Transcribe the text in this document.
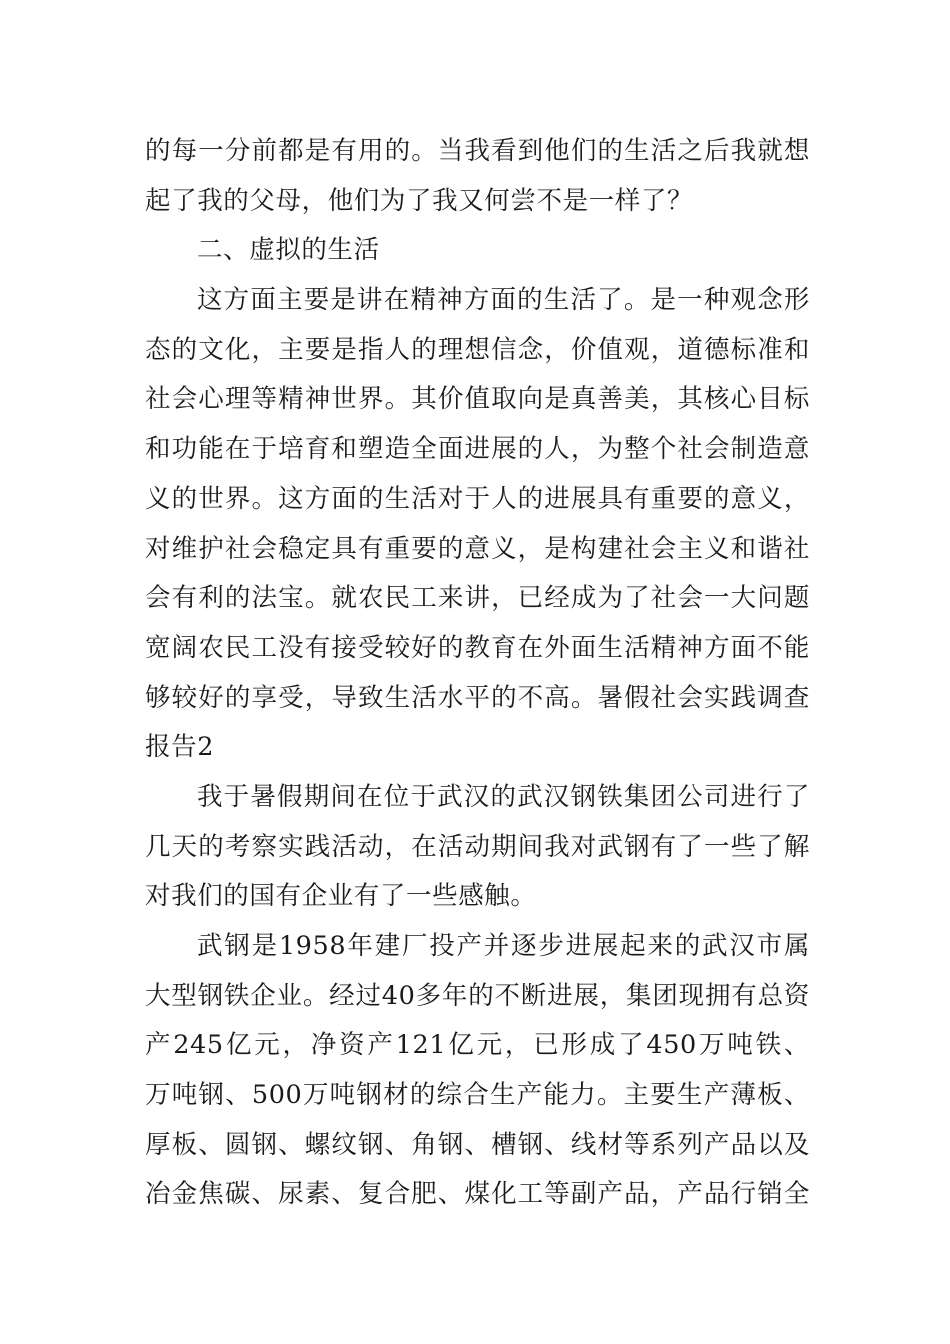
的每一分前都是有用的。当我看到他们的生活之后我就想
起了我的父母，他们为了我又何尝不是一样了？
二、虚拟的生活
这方面主要是讲在精神方面的生活了。是一种观念形
态的文化，主要是指人的理想信念，价值观，道德标准和
社会心理等精神世界。其价值取向是真善美，其核心目标
和功能在于培育和塑造全面进展的人，为整个社会制造意
义的世界。这方面的生活对于人的进展具有重要的意义，
对维护社会稳定具有重要的意义，是构建社会主义和谐社
会有利的法宝。就农民工来讲，已经成为了社会一大问题
宽阔农民工没有接受较好的教育在外面生活精神方面不能
够较好的享受，导致生活水平的不高。暑假社会实践调查
报告2
我于暑假期间在位于武汉的武汉钢铁集团公司进行了
几天的考察实践活动，在活动期间我对武钢有了一些了解
对我们的国有企业有了一些感触。
武钢是1958年建厂投产并逐步进展起来的武汉市属
大型钢铁企业。经过40多年的不断进展，集团现拥有总资
产245亿元，净资产121亿元，已形成了450万吨铁、
万吨钢、500万吨钢材的综合生产能力。主要生产薄板、
厚板、圆钢、螺纹钢、角钢、槽钢、线材等系列产品以及
冶金焦碳、尿素、复合肥、煤化工等副产品，产品行销全
